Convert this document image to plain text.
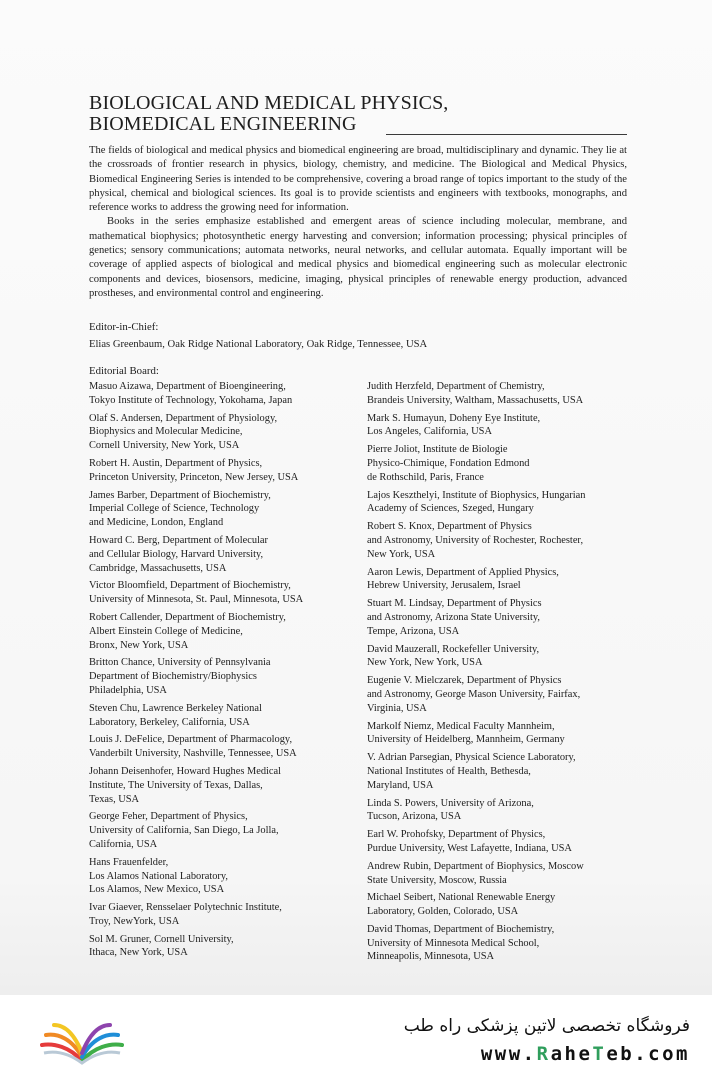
BIOLOGICAL AND MEDICAL PHYSICS,
BIOMEDICAL ENGINEERING

The fields of biological and medical physics and biomedical engineering are broad, multidisciplinary and dynamic. They lie at the crossroads of frontier research in physics, biology, chemistry, and medicine. The Biological and Medical Physics, Biomedical Engineering Series is intended to be comprehensive, covering a broad range of topics important to the study of the physical, chemical and biological sciences. Its goal is to provide scientists and engineers with textbooks, monographs, and reference works to address the growing need for information.

Books in the series emphasize established and emergent areas of science including molecular, membrane, and mathematical biophysics; photosynthetic energy harvesting and conversion; information processing; physical principles of genetics; sensory communications; automata networks, neural networks, and cellular automata. Equally important will be coverage of applied aspects of biological and medical physics and biomedical engineering such as molecular electronic components and devices, biosensors, medicine, imaging, physical principles of renewable energy production, advanced prostheses, and environmental control and engineering.

Editor-in-Chief:
Elias Greenbaum, Oak Ridge National Laboratory, Oak Ridge, Tennessee, USA
Editorial Board:
Masuo Aizawa, Department of Bioengineering,
Tokyo Institute of Technology, Yokohama, Japan
Olaf S. Andersen, Department of Physiology,
Biophysics and Molecular Medicine,
Cornell University, New York, USA
Robert H. Austin, Department of Physics,
Princeton University, Princeton, New Jersey, USA
James Barber, Department of Biochemistry,
Imperial College of Science, Technology
and Medicine, London, England
Howard C. Berg, Department of Molecular
and Cellular Biology, Harvard University,
Cambridge, Massachusetts, USA
Victor Bloomfield, Department of Biochemistry,
University of Minnesota, St. Paul, Minnesota, USA
Robert Callender, Department of Biochemistry,
Albert Einstein College of Medicine,
Bronx, New York, USA
Britton Chance, University of Pennsylvania
Department of Biochemistry/Biophysics
Philadelphia, USA
Steven Chu, Lawrence Berkeley National
Laboratory, Berkeley, California, USA
Louis J. DeFelice, Department of Pharmacology,
Vanderbilt University, Nashville, Tennessee, USA
Johann Deisenhofer, Howard Hughes Medical
Institute, The University of Texas, Dallas,
Texas, USA
George Feher, Department of Physics,
University of California, San Diego, La Jolla,
California, USA
Hans Frauenfelder,
Los Alamos National Laboratory,
Los Alamos, New Mexico, USA
Ivar Giaever, Rensselaer Polytechnic Institute,
Troy, NewYork, USA
Sol M. Gruner, Cornell University,
Ithaca, New York, USA
Judith Herzfeld, Department of Chemistry,
Brandeis University, Waltham, Massachusetts, USA
Mark S. Humayun, Doheny Eye Institute,
Los Angeles, California, USA
Pierre Joliot, Institute de Biologie
Physico-Chimique, Fondation Edmond
de Rothschild, Paris, France
Lajos Keszthelyi, Institute of Biophysics, Hungarian
Academy of Sciences, Szeged, Hungary
Robert S. Knox, Department of Physics
and Astronomy, University of Rochester, Rochester,
New York, USA
Aaron Lewis, Department of Applied Physics,
Hebrew University, Jerusalem, Israel
Stuart M. Lindsay, Department of Physics
and Astronomy, Arizona State University,
Tempe, Arizona, USA
David Mauzerall, Rockefeller University,
New York, New York, USA
Eugenie V. Mielczarek, Department of Physics
and Astronomy, George Mason University, Fairfax,
Virginia, USA
Markolf Niemz, Medical Faculty Mannheim,
University of Heidelberg, Mannheim, Germany
V. Adrian Parsegian, Physical Science Laboratory,
National Institutes of Health, Bethesda,
Maryland, USA
Linda S. Powers, University of Arizona,
Tucson, Arizona, USA
Earl W. Prohofsky, Department of Physics,
Purdue University, West Lafayette, Indiana, USA
Andrew Rubin, Department of Biophysics, Moscow
State University, Moscow, Russia
Michael Seibert, National Renewable Energy
Laboratory, Golden, Colorado, USA
David Thomas, Department of Biochemistry,
University of Minnesota Medical School,
Minneapolis, Minnesota, USA
فروشگاه تخصصی لاتین پزشکی راه طب
www.RaheTeb.com
